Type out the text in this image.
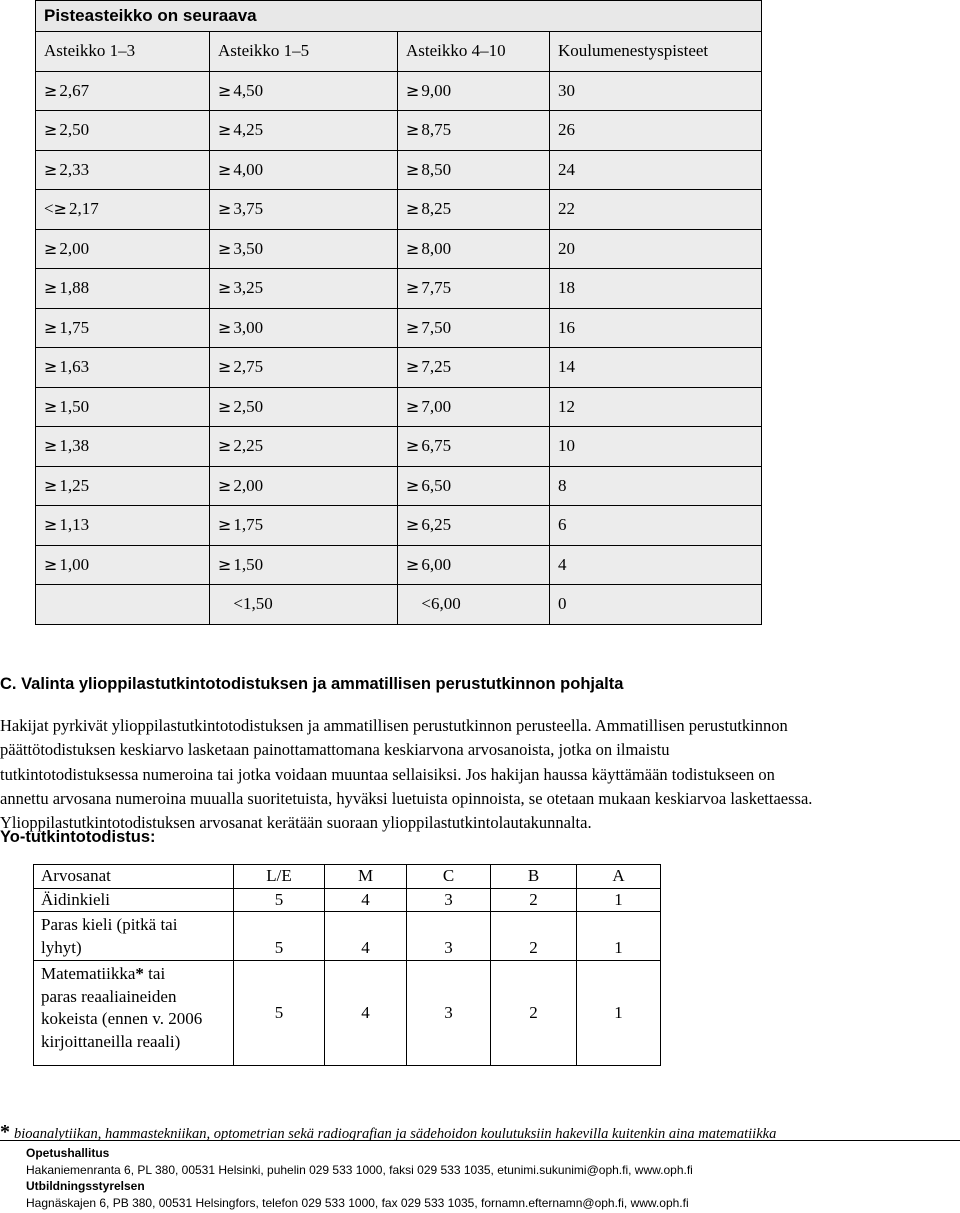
Pisteasteikko on seuraava			
Asteikko 1–3	Asteikko 1–5	Asteikko 4–10	Koulumenestyspisteet
≥ 2,67	≥ 4,50	≥ 9,00	30
≥ 2,50	≥ 4,25	≥ 8,75	26
≥ 2,33	≥ 4,00	≥ 8,50	24
<≥ 2,17	≥ 3,75	≥ 8,25	22
≥ 2,00	≥ 3,50	≥ 8,00	20
≥ 1,88	≥ 3,25	≥ 7,75	18
≥ 1,75	≥ 3,00	≥ 7,50	16
≥ 1,63	≥ 2,75	≥ 7,25	14
≥ 1,50	≥ 2,50	≥ 7,00	12
≥ 1,38	≥ 2,25	≥ 6,75	10
≥ 1,25	≥ 2,00	≥ 6,50	8
≥ 1,13	≥ 1,75	≥ 6,25	6
≥ 1,00	≥ 1,50	≥ 6,00	4
	<1,50	<6,00	0

C. Valinta ylioppilastutkintotodistuksen ja ammatillisen perustutkinnon pohjalta

Hakijat pyrkivät ylioppilastutkintotodistuksen ja ammatillisen perustutkinnon perusteella. Ammatillisen perustutkinnon
päättötodistuksen keskiarvo lasketaan painottamattomana keskiarvona arvosanoista, jotka on ilmaistu
tutkintotodistuksessa numeroina tai jotka voidaan muuntaa sellaisiksi. Jos hakijan haussa käyttämään todistukseen on
annettu arvosana numeroina muualla suoritetuista, hyväksi luetuista opinnoista, se otetaan mukaan keskiarvoa laskettaessa.
Ylioppilastutkintotodistuksen arvosanat kerätään suoraan ylioppilastutkintolautakunnalta.

Yo-tutkintotodistus:

Arvosanat	L/E	M	C	B	A
Äidinkieli	5	4	3	2	1
Paras kieli (pitkä tai lyhyt)	5	4	3	2	1
Matematiikka* tai paras reaaliaineiden kokeista (ennen v. 2006 kirjoittaneilla reaali)	5	4	3	2	1

* bioanalytiikan, hammastekniikan, optometrian sekä radiografian ja sädehoidon koulutuksiin hakevilla kuitenkin aina matematiikka

Opetushallitus
Hakaniemenranta 6, PL 380, 00531 Helsinki, puhelin 029 533 1000, faksi 029 533 1035, etunimi.sukunimi@oph.fi, www.oph.fi
Utbildningsstyrelsen
Hagnäskajen 6, PB 380, 00531 Helsingfors, telefon 029 533 1000, fax 029 533 1035, fornamn.efternamn@oph.fi, www.oph.fi
